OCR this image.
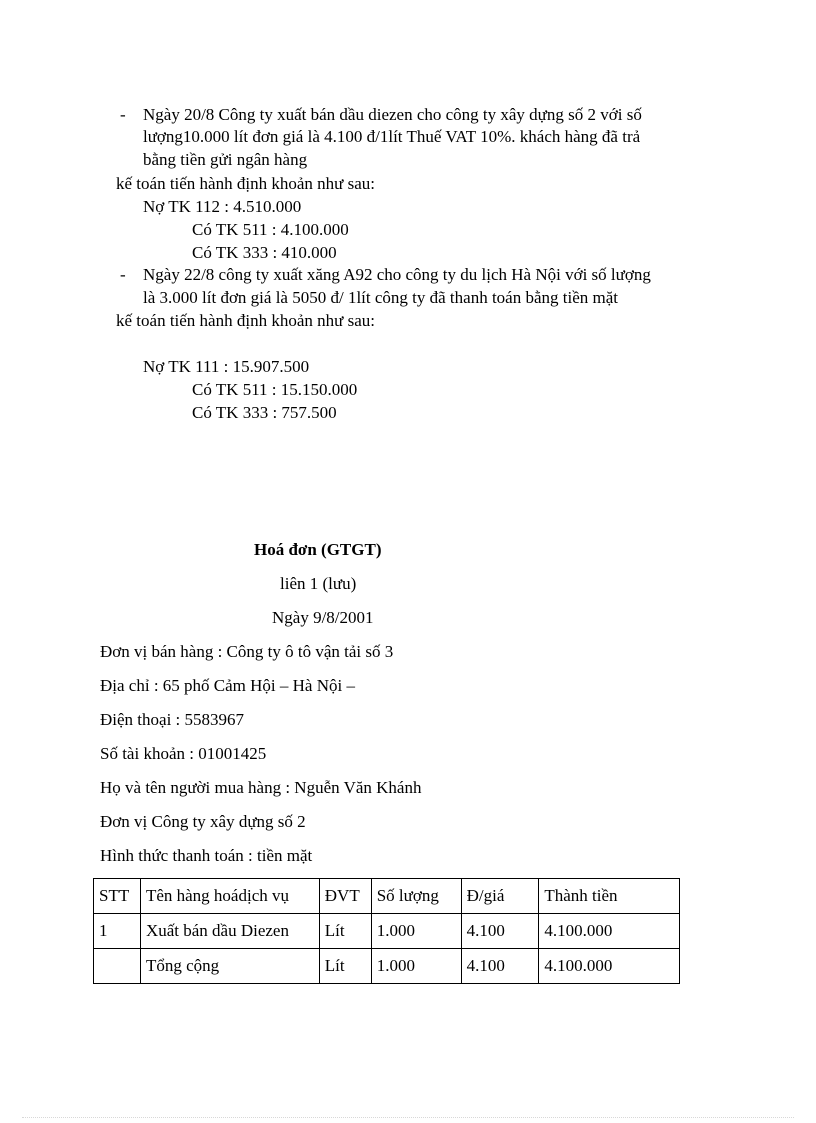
- Ngày 20/8 Công ty xuất bán dầu diezen cho công ty xây dựng số 2 với số
lượng10.000 lít đơn giá là 4.100 đ/1lít Thuế VAT 10%. khách hàng đã trả
bằng tiền gửi ngân hàng
kế toán tiến hành định khoản như sau:
Nợ TK 112 : 4.510.000
Có TK 511 : 4.100.000
Có TK 333 : 410.000
- Ngày 22/8 công ty xuất xăng A92 cho công ty du lịch Hà Nội với số lượng
là 3.000 lít đơn giá là 5050 đ/ 1lít công ty đã thanh toán bằng tiền mặt
kế toán tiến hành định khoản như sau:
Nợ TK 111 : 15.907.500
Có TK 511 : 15.150.000
Có TK 333 : 757.500
Hoá đơn (GTGT)
liên 1 (lưu)
Ngày 9/8/2001
Đơn vị bán hàng : Công ty ô tô vận tải số 3
Địa chỉ : 65 phố Cảm Hội – Hà Nội –
Điện thoại : 5583967
Số tài khoản : 01001425
Họ và tên người mua hàng : Nguễn Văn Khánh
Đơn vị Công ty xây dựng số 2
Hình thức thanh toán : tiền mặt
STT	Tên hàng hoádịch vụ	ĐVT	Số lượng	Đ/giá	Thành tiền
1	Xuất bán dầu Diezen	Lít	1.000	4.100	4.100.000
	Tổng cộng	Lít	1.000	4.100	4.100.000
